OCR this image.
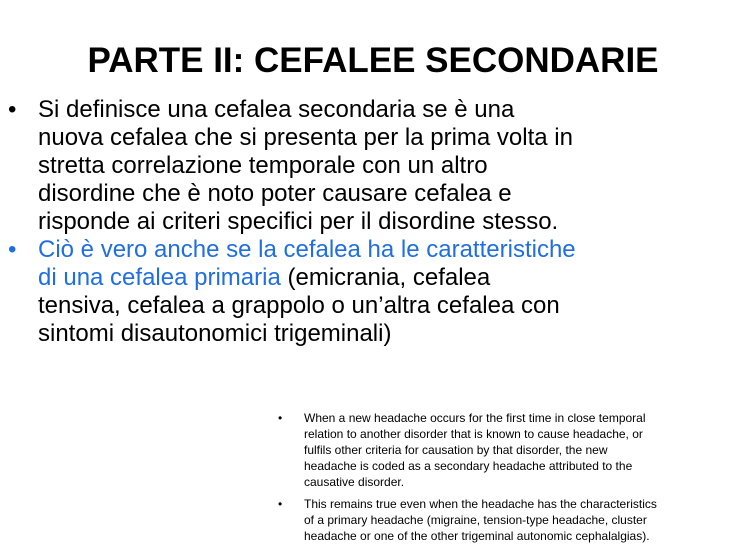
PARTE II: CEFALEE SECONDARIE
• Si definisce una cefalea secondaria se è una
nuova cefalea che si presenta per la prima volta in
stretta correlazione temporale con un altro
disordine che è noto poter causare cefalea e
risponde ai criteri specifici per il disordine stesso.
• Ciò è vero anche se la cefalea ha le caratteristiche
di una cefalea primaria (emicrania, cefalea
tensiva, cefalea a grappolo o un’altra cefalea con
sintomi disautonomici trigeminali)
• When a new headache occurs for the first time in close temporal
relation to another disorder that is known to cause headache, or
fulfils other criteria for causation by that disorder, the new
headache is coded as a secondary headache attributed to the
causative disorder.
• This remains true even when the headache has the characteristics
of a primary headache (migraine, tension-type headache, cluster
headache or one of the other trigeminal autonomic cephalalgias).
